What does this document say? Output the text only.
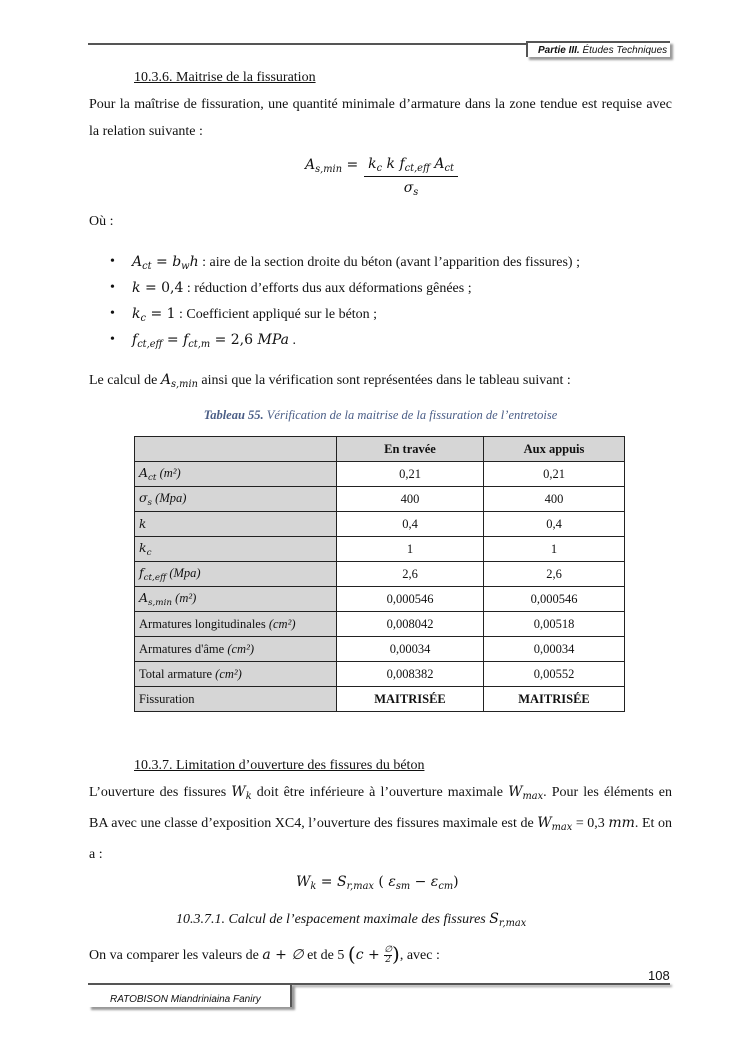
Partie III. Études Techniques
10.3.6. Maitrise de la fissuration
Pour la maîtrise de fissuration, une quantité minimale d’armature dans la zone tendue est requise avec la relation suivante :
$A_{s,min} = k_c$ k $f_{ct,eff}$ $A_{ct}$
$\sigma_s$
Où :
• $A_{ct} = b_wh$ : aire de la section droite du béton (avant l’apparition des fissures) ;
• k = 0,4 : réduction d’efforts dus aux déformations gênées ;
• $k_c = 1$ : Coefficient appliqué sur le béton ;
• $f_{ct,eff} = f_{ct,m} = 2,6$ MPa .
Le calcul de $A_{s,min}$ ainsi que la vérification sont représentées dans le tableau suivant :
Tableau 55. Vérification de la maitrise de la fissuration de l’entretoise
	En travée	Aux appuis
$A_{ct}$ (m²)	0,21	0,21
$\sigma_s$ (Mpa)	400	400
k	0,4	0,4
$k_c$	1	1
$f_{ct,eff}$ (Mpa)	2,6	2,6
$A_{s,min}$ (m²)	0,000546	0,000546
Armatures longitudinales (cm²)	0,008042	0,00518
Armatures d'âme (cm²)	0,00034	0,00034
Total armature (cm²)	0,008382	0,00552
Fissuration	MAITRISÉE	MAITRISÉE
10.3.7. Limitation d’ouverture des fissures du béton
L’ouverture des fissures $W_k$ doit être inférieure à l’ouverture maximale $W_{max}$. Pour les éléments en BA avec une classe d’exposition XC4, l’ouverture des fissures maximale est de $W_{max} = 0,3$ mm. Et on a :
$W_k = S_{r,max}$ ( $\varepsilon_{sm} - \varepsilon_{cm}$)
10.3.7.1. Calcul de l’espacement maximale des fissures $S_{r,max}$
On va comparer les valeurs de a + ∅ et de 5 (c + ∅
2 ), avec :
108
RATOBISON Miandriniaina Faniry
